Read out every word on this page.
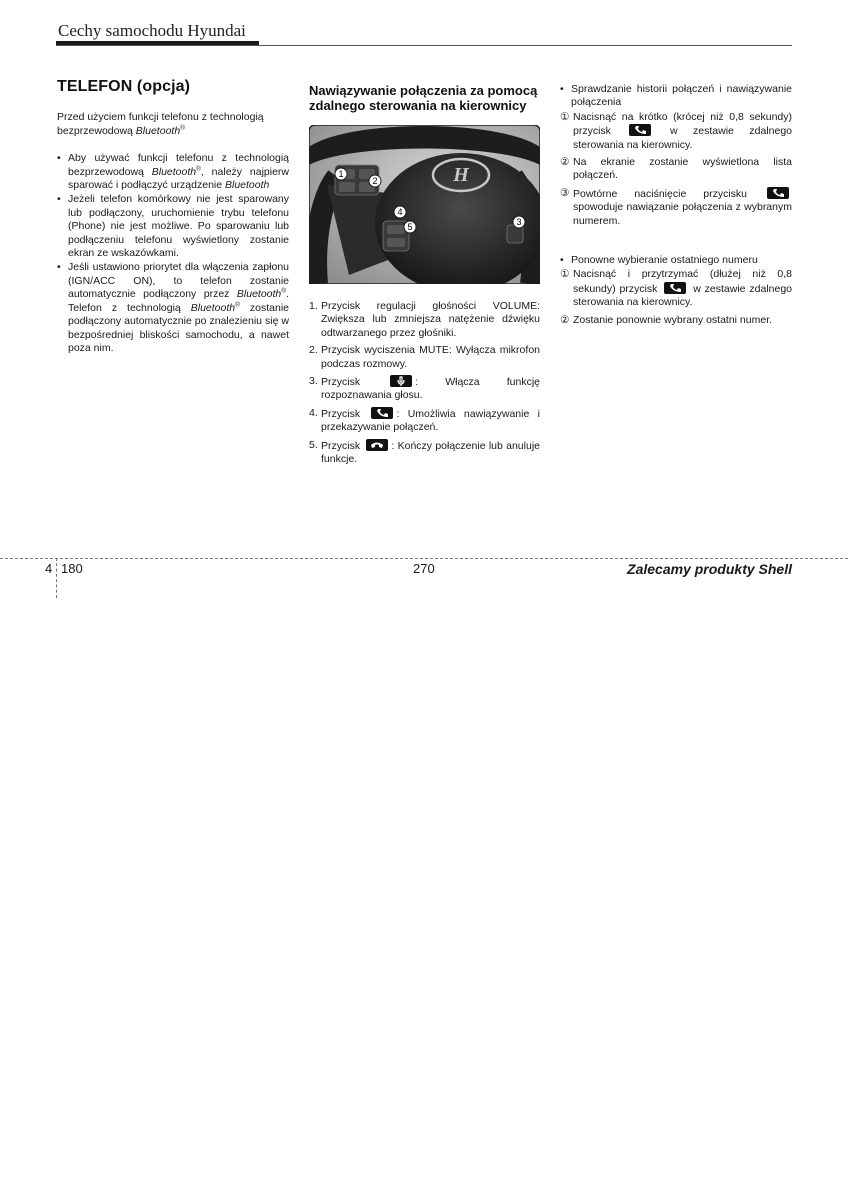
Cechy samochodu Hyundai
TELEFON (opcja)
Przed użyciem funkcji telefonu z technologią bezprzewodową Bluetooth®
• Aby używać funkcji telefonu z technologią bezprzewodową Bluetooth®, należy najpierw sparować i podłączyć urządzenie Bluetooth
• Jeżeli telefon komórkowy nie jest sparowany lub podłączony, uruchomienie trybu telefonu (Phone) nie jest możliwe. Po sparowaniu lub podłączeniu telefonu wyświetlony zostanie ekran ze wskazówkami.
• Jeśli ustawiono priorytet dla włączenia zapłonu (IGN/ACC ON), to telefon zostanie automatycznie podłączony przez Bluetooth®. Telefon z technologią Bluetooth® zostanie podłączony automatycznie po znalezieniu się w bezpośredniej bliskości samochodu, a nawet poza nim.
Nawiązywanie połączenia za pomocą zdalnego sterowania na kierownicy
H
1
2
3
4
5
1. Przycisk regulacji głośności VOLUME: Zwiększa lub zmniejsza natężenie dźwięku odtwarzanego przez głośniki.
2. Przycisk wyciszenia MUTE: Wyłącza mikrofon podczas rozmowy.
3. Przycisk	: Włącza funkcję rozpoznawania głosu.
4. Przycisk	: Umożliwia nawiązywanie i przekazywanie połączeń.
5. Przycisk	: Kończy połączenie lub anuluje funkcje.
• Sprawdzanie historii połączeń i nawiązywanie połączenia
① Nacisnąć na krótko (krócej niż 0,8 sekundy) przycisk	w zestawie zdalnego sterowania na kierownicy.
② Na ekranie zostanie wyświetlona lista połączeń.
③ Powtórne naciśnięcie przycisku
spowoduje nawiązanie połączenia z wybranym numerem.
• Ponowne wybieranie ostatniego numeru
① Nacisnąć i przytrzymać (dłużej niż 0,8 sekundy) przycisk	w zestawie zdalnego sterowania na kierownicy.
② Zostanie ponownie wybrany ostatni numer.
4 180	270	Zalecamy produkty Shell
